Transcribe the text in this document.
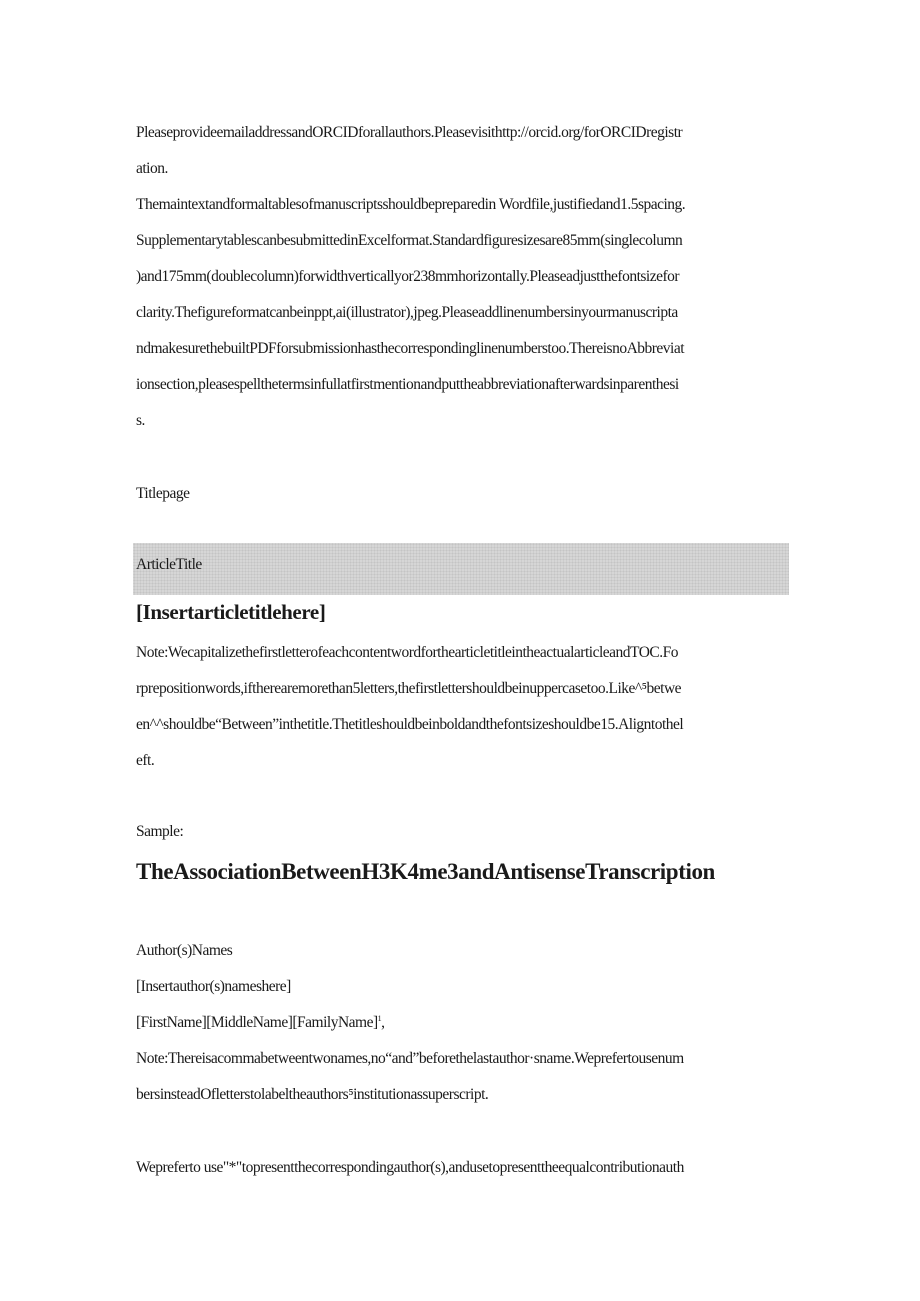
PleaseprovideemailaddressandORCIDforallauthors.Pleasevisithttp://orcid.org/forORCIDregistr
ation.
Themaintextandformaltablesofmanuscriptsshouldbepreparedin Wordfile,justifiedand1.5spacing.
SupplementarytablescanbesubmittedinExcelformat.Standardfiguresizesare85mm(singlecolumn
)and175mm(doublecolumn)forwidthverticallyor238mmhorizontally.Pleaseadjustthefontsizefor
clarity.Thefigureformatcanbeinppt,ai(illustrator),jpeg.Pleaseaddlinenumbersinyourmanuscripta
ndmakesurethebuiltPDFforsubmissionhasthecorrespondinglinenumberstoo.ThereisnoAbbreviat
ionsection,pleasespellthetermsinfullatfirstmentionandputtheabbreviationafterwardsinparenthesi
s.
Titlepage
ArticleTitle
[Insertarticletitlehere]
Note:WecapitalizethefirstletterofeachcontentwordforthearticletitleintheactualarticleandTOC.Fo
rprepositionwords,iftherearemorethan5letters,thefirstlettershouldbeinuppercasetoo.Like^⁵betwe
en^^shouldbe“Between”inthetitle.Thetitleshouldbeinboldandthefontsizeshouldbe15.Aligntothel
eft.
Sample:
TheAssociationBetweenH3K4me3andAntisenseTranscription
Author(s)Names
[Insertauthor(s)nameshere]
[FirstName][MiddleName][FamilyName]$^1$,
Note:Thereisacommabetweentwonames,no“and”beforethelastauthor·sname.Weprefertousenum
bersinsteadOfletterstolabeltheauthors⁵institutionassuperscript.
Wepreferto use"*"topresentthecorrespondingauthor(s),andusetopresenttheequalcontributionauth
